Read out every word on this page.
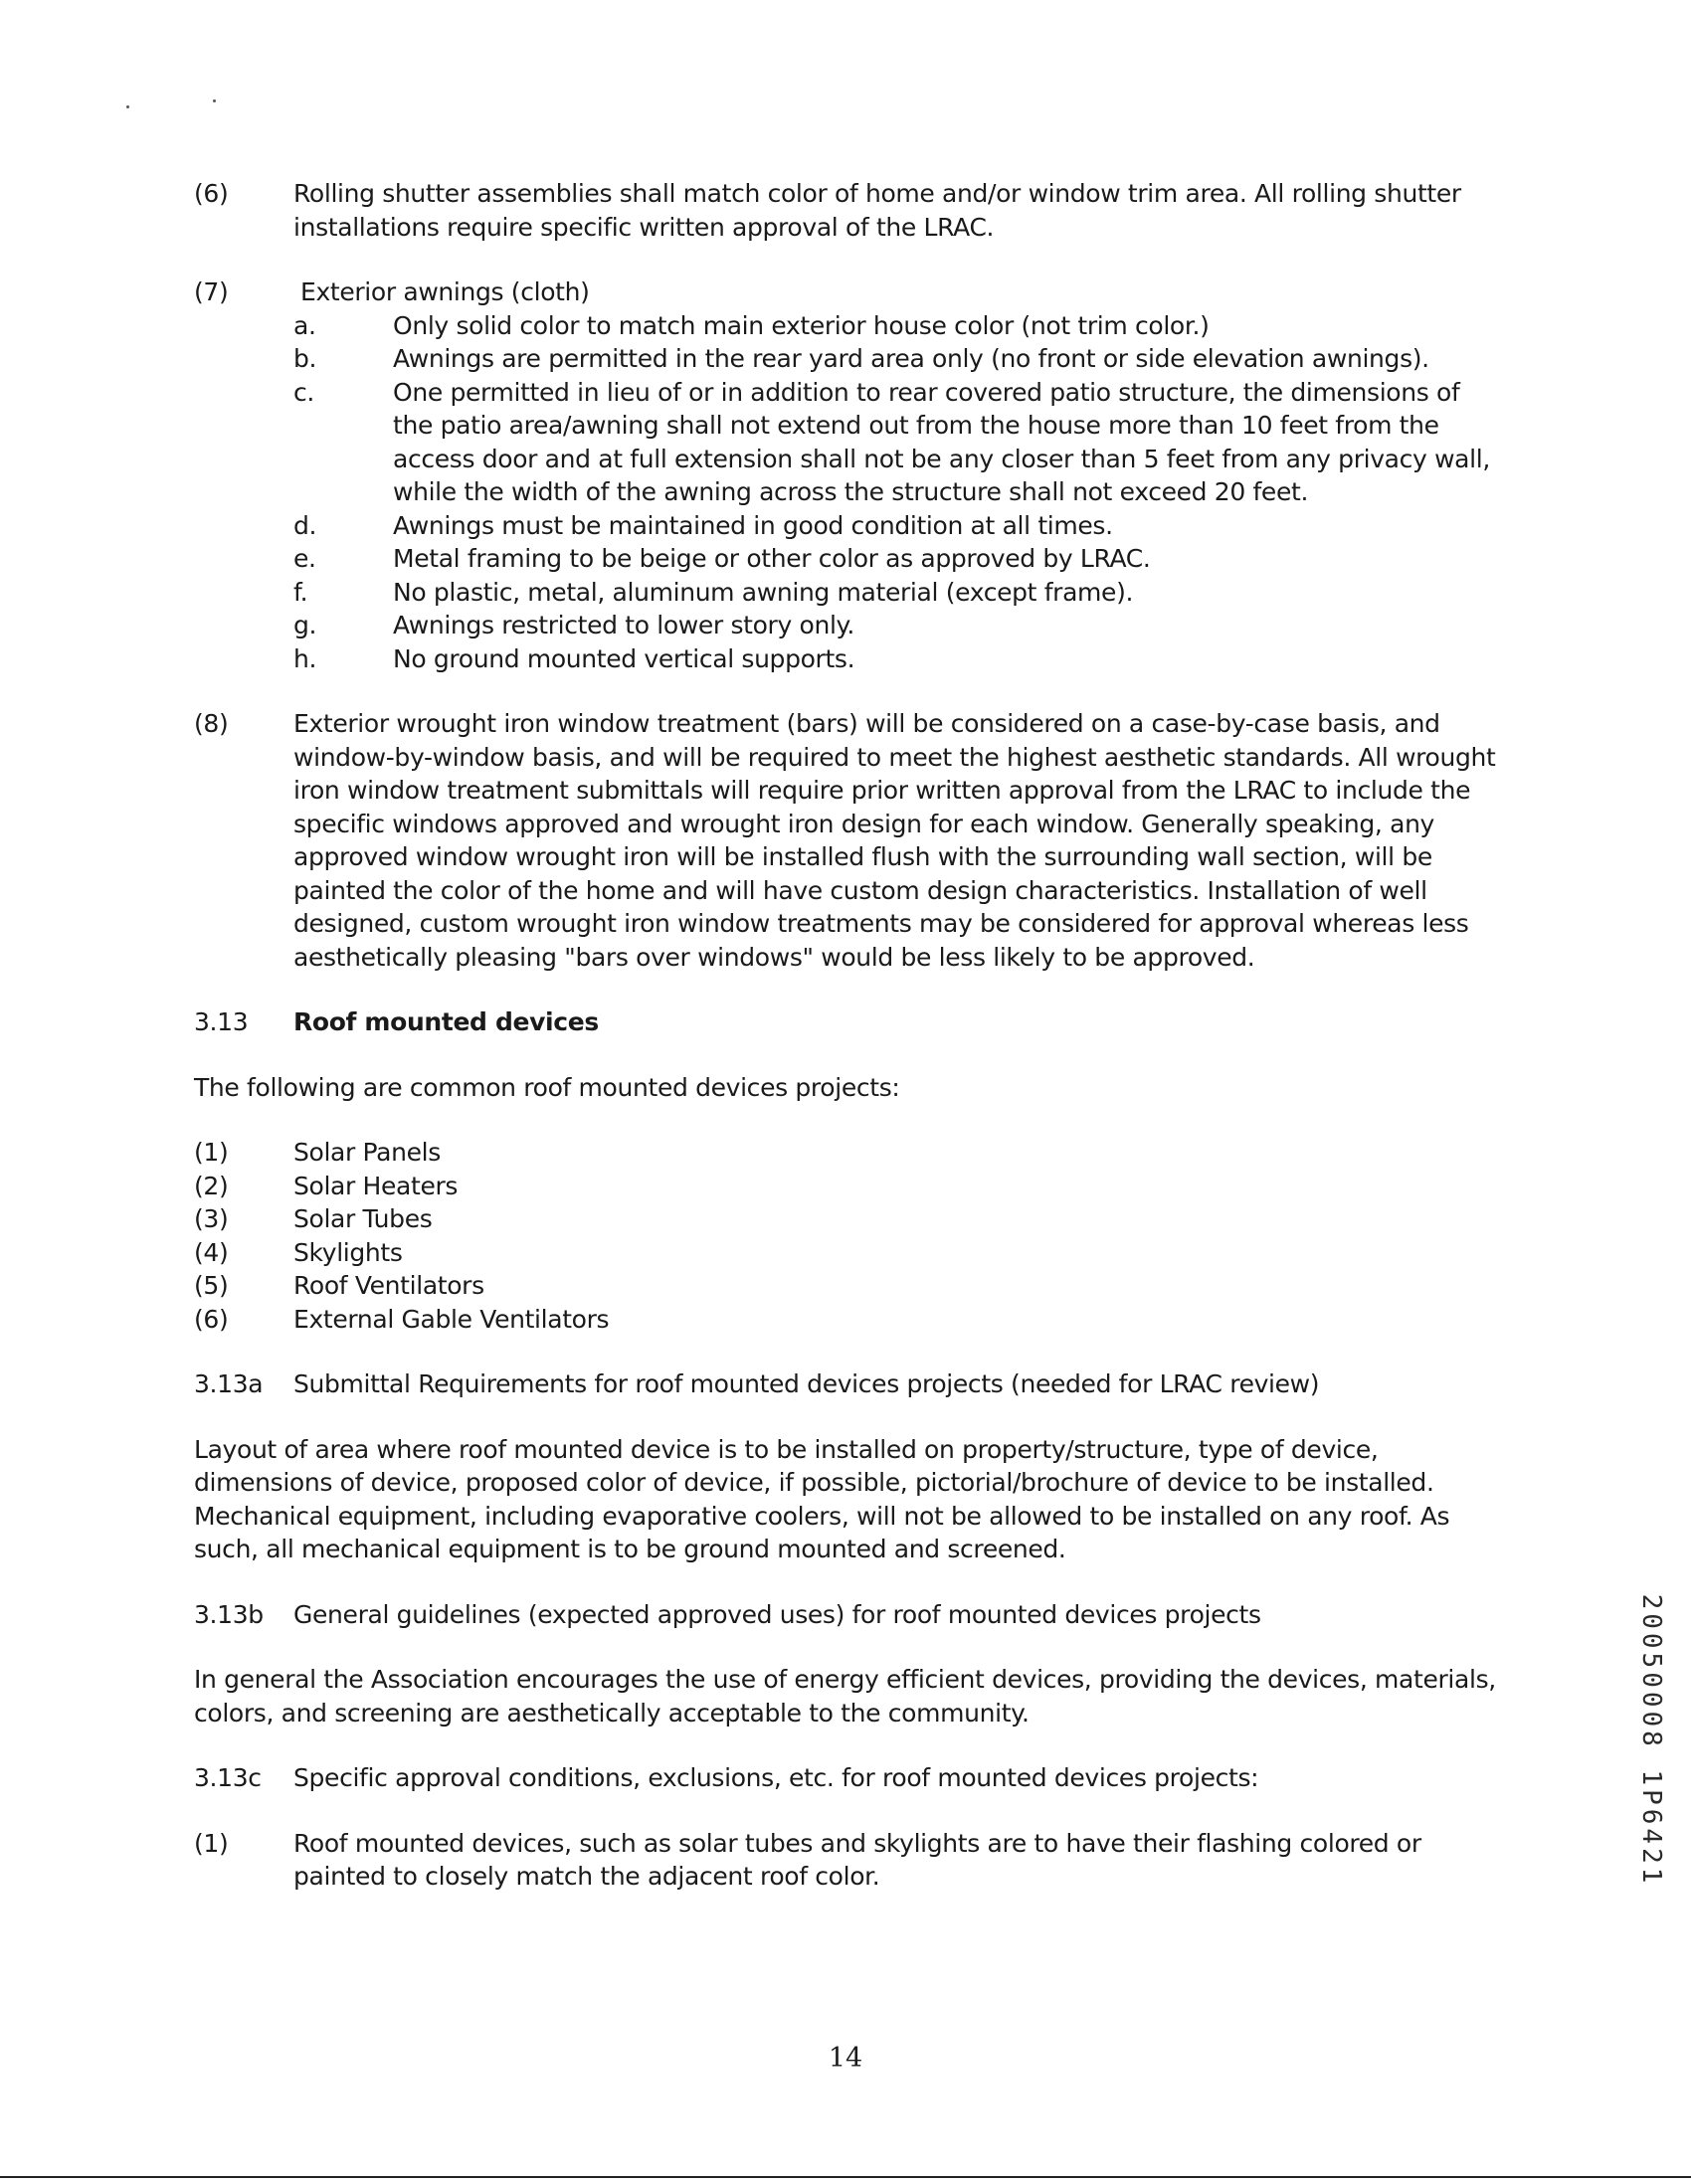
(6)	Rolling shutter assemblies shall match color of home and/or window trim area. All rolling shutter installations require specific written approval of the LRAC.
(7)	Exterior awnings (cloth)
a.	Only solid color to match main exterior house color (not trim color.)
b.	Awnings are permitted in the rear yard area only (no front or side elevation awnings).
c.	One permitted in lieu of or in addition to rear covered patio structure, the dimensions of the patio area/awning shall not extend out from the house more than 10 feet from the access door and at full extension shall not be any closer than 5 feet from any privacy wall, while the width of the awning across the structure shall not exceed 20 feet.
d.	Awnings must be maintained in good condition at all times.
e.	Metal framing to be beige or other color as approved by LRAC.
f.	No plastic, metal, aluminum awning material (except frame).
g.	Awnings restricted to lower story only.
h.	No ground mounted vertical supports.
(8)	Exterior wrought iron window treatment (bars) will be considered on a case-by-case basis, and window-by-window basis, and will be required to meet the highest aesthetic standards. All wrought iron window treatment submittals will require prior written approval from the LRAC to include the specific windows approved and wrought iron design for each window. Generally speaking, any approved window wrought iron will be installed flush with the surrounding wall section, will be painted the color of the home and will have custom design characteristics. Installation of well designed, custom wrought iron window treatments may be considered for approval whereas less aesthetically pleasing "bars over windows" would be less likely to be approved.
3.13	Roof mounted devices

The following are common roof mounted devices projects:

(1)	Solar Panels
(2)	Solar Heaters
(3)	Solar Tubes
(4)	Skylights
(5)	Roof Ventilators
(6)	External Gable Ventilators
3.13a	Submittal Requirements for roof mounted devices projects (needed for LRAC review)

Layout of area where roof mounted device is to be installed on property/structure, type of device, dimensions of device, proposed color of device, if possible, pictorial/brochure of device to be installed. Mechanical equipment, including evaporative coolers, will not be allowed to be installed on any roof. As such, all mechanical equipment is to be ground mounted and screened.

3.13b	General guidelines (expected approved uses) for roof mounted devices projects

In general the Association encourages the use of energy efficient devices, providing the devices, materials, colors, and screening are aesthetically acceptable to the community.

3.13c	Specific approval conditions, exclusions, etc. for roof mounted devices projects:
(1)	Roof mounted devices, such as solar tubes and skylights are to have their flashing colored or painted to closely match the adjacent roof color.
14
20050008 1P6421
